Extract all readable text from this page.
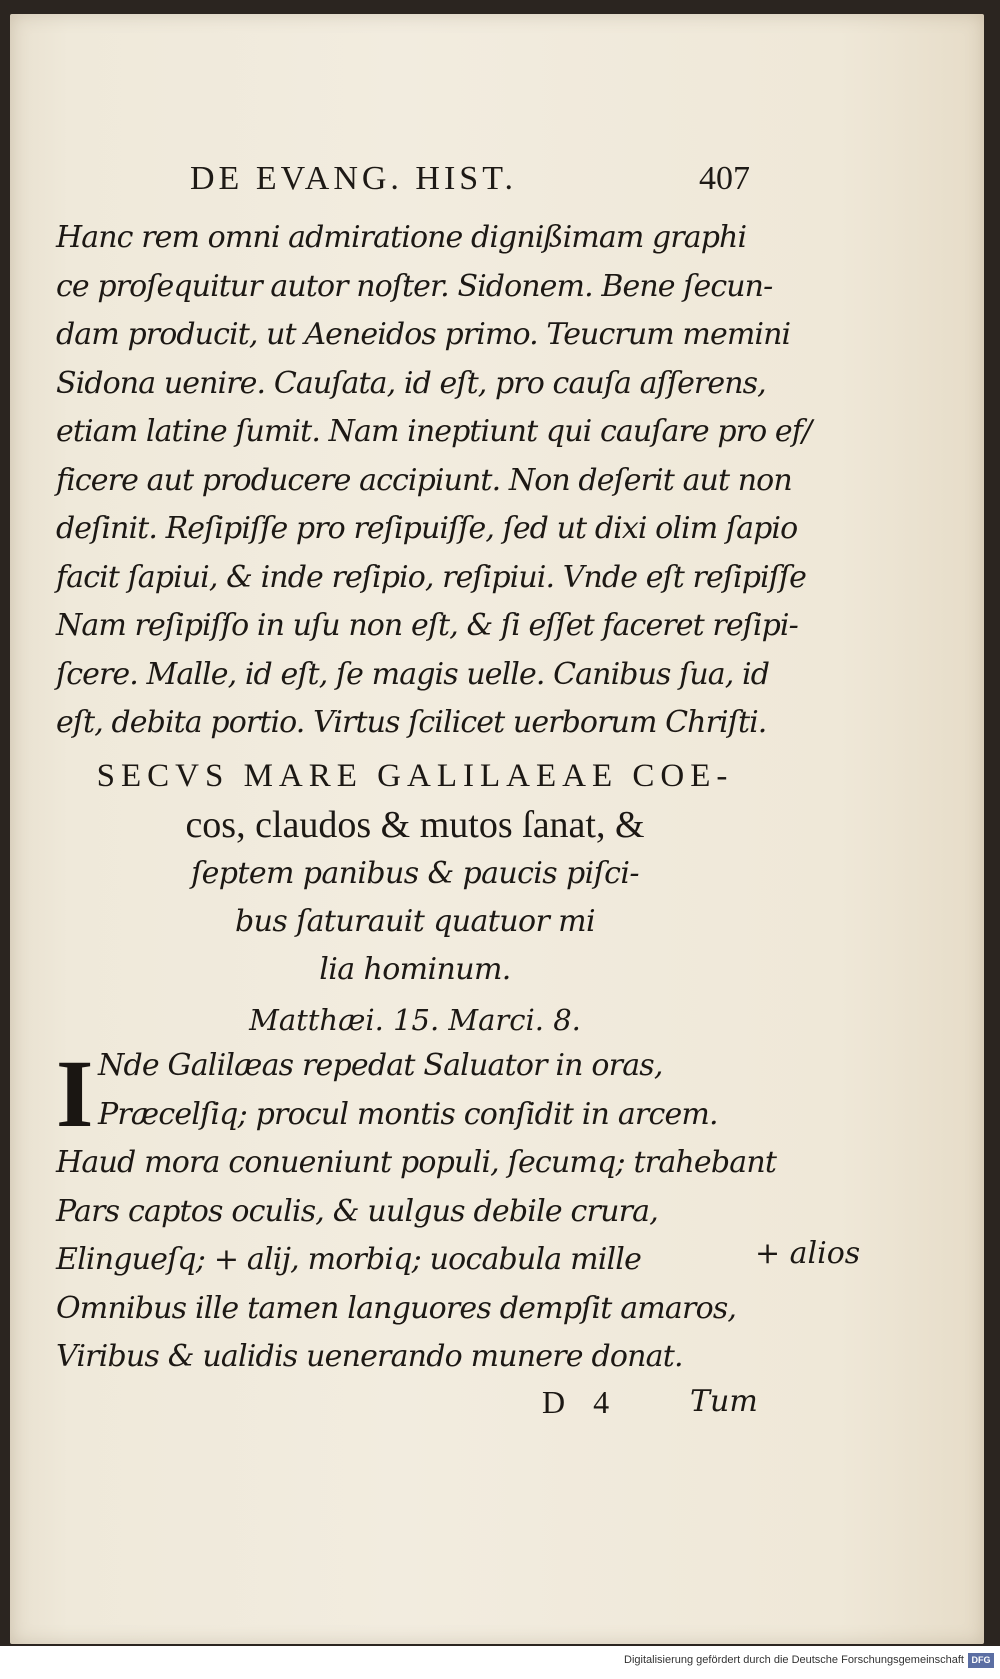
DE EVANG. HIST.	407
Hanc rem omni admiratione dignißimam graphi
ce proſequitur autor noſter. Sidonem. Bene ſecun-
dam producit, ut Aeneidos primo. Teucrum memini
Sidona uenire. Cauſata, id eſt, pro cauſa aſſerens,
etiam latine ſumit. Nam ineptiunt qui cauſare pro ef/
ficere aut producere accipiunt. Non deſerit aut non
deſinit. Reſipiſſe pro reſipuiſſe, ſed ut dixi olim ſapio
facit ſapiui, & inde reſipio, reſipiui. Vnde eſt reſipiſſe
Nam reſipiſſo in uſu non eſt, & ſi eſſet faceret reſipi-
ſcere. Malle, id eſt, ſe magis uelle. Canibus ſua, id
eſt, debita portio. Virtus ſcilicet uerborum Chriſti.
SECVS MARE GALILAEAE COE-
cos, claudos & mutos ſanat, &
ſeptem panibus & paucis piſci-
bus ſaturauit quatuor mi
lia hominum.
Matthæi. 15. Marci. 8.
I Nde Galilæas repedat Saluator in oras,
Præcelſiq; procul montis conſidit in arcem.
Haud mora conueniunt populi, ſecumq; trahebant
Pars captos oculis, & uulgus debile crura,
Elingueſq; + alij, morbiq; uocabula mille
Omnibus ille tamen languores dempſit amaros,
Viribus & ualidis uenerando munere donat.
+ alios
D 4	Tum
Digitalisierung gefördert durch die Deutsche Forschungsgemeinschaft DFG
